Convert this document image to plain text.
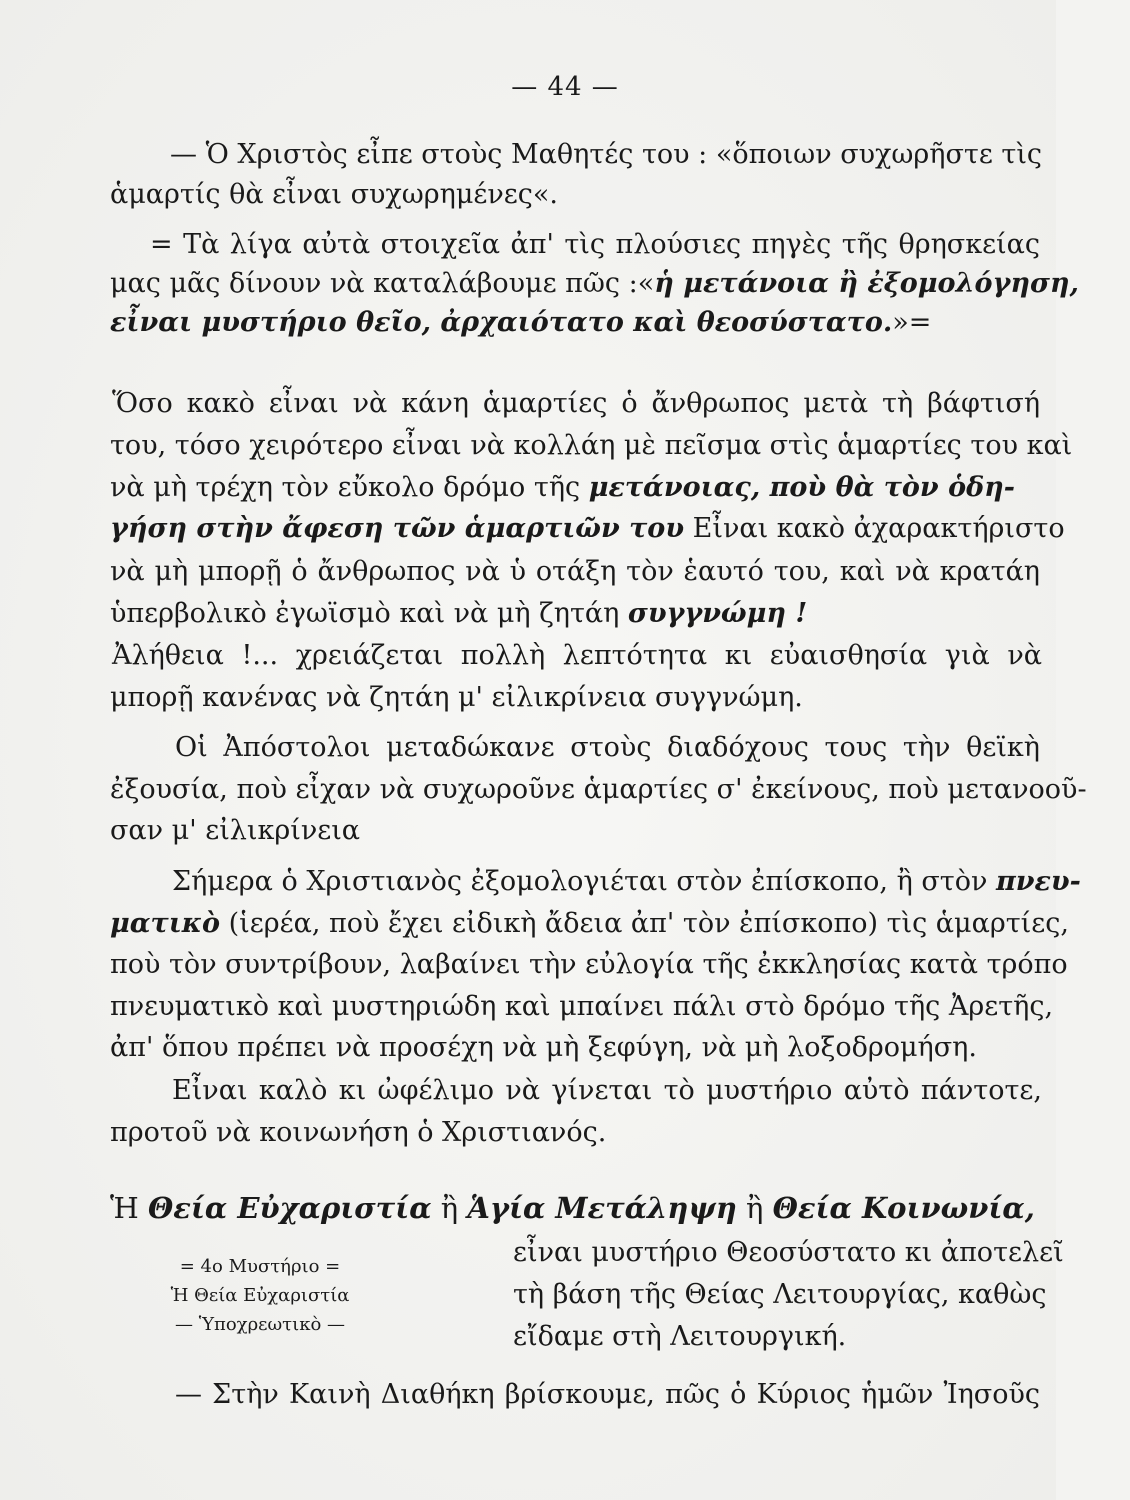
— 44 —
— Ὁ Χριστὸς εἶπε στοὺς Μαθητές του : «ὅποιων συχωρῆστε τὶς
ἁμαρτίς θὰ εἶναι συχωρημένες«.
= Τὰ λίγα αὐτὰ στοιχεῖα ἀπ' τὶς πλούσιες πηγὲς τῆς θρησκείας
μας μᾶς δίνουν νὰ καταλάβουμε πῶς :«ἡ μετάνοια ἢ ἐξομολόγηση,
εἶναι μυστήριο θεῖο, ἀρχαιότατο καὶ θεοσύστατο.»=
Ὅσο κακὸ εἶναι νὰ κάνη ἁμαρτίες ὁ ἄνθρωπος μετὰ τὴ βάφτισή
του, τόσο χειρότερο εἶναι νὰ κολλάη μὲ πεῖσμα στὶς ἁμαρτίες του καὶ
νὰ μὴ τρέχη τὸν εὔκολο δρόμο τῆς μετάνοιας, ποὺ θὰ τὸν ὁδη-
γήση στὴν ἄφεση τῶν ἁμαρτιῶν του Εἶναι κακὸ ἀχαρακτήριστο
νὰ μὴ μπορῇ ὁ ἄνθρωπος νὰ ὑ οτάξη τὸν ἑαυτό του, καὶ νὰ κρατάη
ὑπερβολικὸ ἐγωϊσμὸ καὶ νὰ μὴ ζητάη συγγνώμη !
Ἀλήθεια !... χρειάζεται πολλὴ λεπτότητα κι εὐαισθησία γιὰ νὰ
μπορῇ κανένας νὰ ζητάη μ' εἰλικρίνεια συγγνώμη.
Οἱ Ἀπόστολοι μεταδώκανε στοὺς διαδόχους τους τὴν θεϊκὴ
ἐξουσία, ποὺ εἶχαν νὰ συχωροῦνε ἁμαρτίες σ' ἐκείνους, ποὺ μετανοοῦ-
σαν μ' εἰλικρίνεια
Σήμερα ὁ Χριστιανὸς ἐξομολογιέται στὸν ἐπίσκοπο, ἢ στὸν πνευ-
ματικὸ (ἱερέα, ποὺ ἔχει εἰδικὴ ἄδεια ἀπ' τὸν ἐπίσκοπο) τὶς ἁμαρτίες,
ποὺ τὸν συντρίβουν, λαβαίνει τὴν εὐλογία τῆς ἐκκλησίας κατὰ τρόπο
πνευματικὸ καὶ μυστηριώδη καὶ μπαίνει πάλι στὸ δρόμο τῆς Ἀρετῆς,
ἀπ' ὅπου πρέπει νὰ προσέχη νὰ μὴ ξεφύγη, νὰ μὴ λοξοδρομήση.
Εἶναι καλὸ κι ὠφέλιμο νὰ γίνεται τὸ μυστήριο αὐτὸ πάντοτε,
προτοῦ νὰ κοινωνήση ὁ Χριστιανός.
Ἡ Θεία Εὐχαριστία ἢ Ἁγία Μετάληψη ἢ Θεία Κοινωνία,
= 4ο Μυστήριο =
Ἡ Θεία Εὐχαριστία
— Ὑποχρεωτικὸ —
εἶναι μυστήριο Θεοσύστατο κι ἀποτελεῖ
τὴ βάση τῆς Θείας Λειτουργίας, καθὼς
εἴδαμε στὴ Λειτουργική.
— Στὴν Καινὴ Διαθήκη βρίσκουμε, πῶς ὁ Κύριος ἡμῶν Ἰησοῦς
